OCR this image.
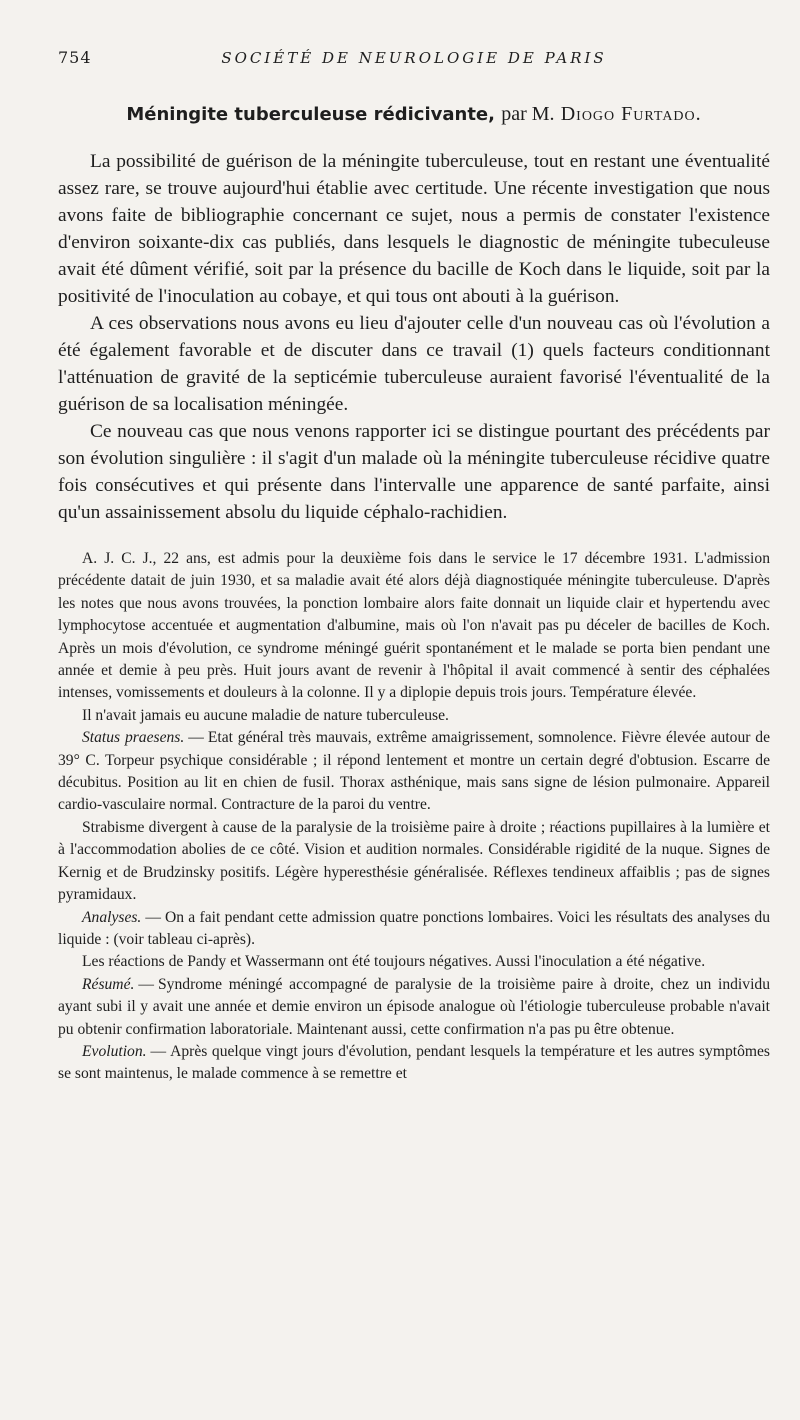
754	SOCIÉTÉ DE NEUROLOGIE DE PARIS
Méningite tuberculeuse rédicivante, par M. Diogo Furtado.

La possibilité de guérison de la méningite tuberculeuse, tout en restant une éventualité assez rare, se trouve aujourd'hui établie avec certitude. Une récente investigation que nous avons faite de bibliographie concernant ce sujet, nous a permis de constater l'existence d'environ soixante-dix cas publiés, dans lesquels le diagnostic de méningite tubeculeuse avait été dûment vérifié, soit par la présence du bacille de Koch dans le liquide, soit par la positivité de l'inoculation au cobaye, et qui tous ont abouti à la guérison.

A ces observations nous avons eu lieu d'ajouter celle d'un nouveau cas où l'évolution a été également favorable et de discuter dans ce travail (1) quels facteurs conditionnant l'atténuation de gravité de la septicémie tuberculeuse auraient favorisé l'éventualité de la guérison de sa localisation méningée.

Ce nouveau cas que nous venons rapporter ici se distingue pourtant des précédents par son évolution singulière : il s'agit d'un malade où la méningite tuberculeuse récidive quatre fois consécutives et qui présente dans l'intervalle une apparence de santé parfaite, ainsi qu'un assainissement absolu du liquide céphalo-rachidien.

A. J. C. J., 22 ans, est admis pour la deuxième fois dans le service le 17 décembre 1931. L'admission précédente datait de juin 1930, et sa maladie avait été alors déjà diagnostiquée méningite tuberculeuse. D'après les notes que nous avons trouvées, la ponction lombaire alors faite donnait un liquide clair et hypertendu avec lymphocytose accentuée et augmentation d'albumine, mais où l'on n'avait pas pu déceler de bacilles de Koch. Après un mois d'évolution, ce syndrome méningé guérit spontanément et le malade se porta bien pendant une année et demie à peu près. Huit jours avant de revenir à l'hôpital il avait commencé à sentir des céphalées intenses, vomissements et douleurs à la colonne. Il y a diplopie depuis trois jours. Température élevée.

Il n'avait jamais eu aucune maladie de nature tuberculeuse.

Status praesens. — Etat général très mauvais, extrême amaigrissement, somnolence. Fièvre élevée autour de 39° C. Torpeur psychique considérable ; il répond lentement et montre un certain degré d'obtusion. Escarre de décubitus. Position au lit en chien de fusil. Thorax asthénique, mais sans signe de lésion pulmonaire. Appareil cardio-vasculaire normal. Contracture de la paroi du ventre.

Strabisme divergent à cause de la paralysie de la troisième paire à droite ; réactions pupillaires à la lumière et à l'accommodation abolies de ce côté. Vision et audition normales. Considérable rigidité de la nuque. Signes de Kernig et de Brudzinsky positifs. Légère hyperesthésie généralisée. Réflexes tendineux affaiblis ; pas de signes pyramidaux.

Analyses. — On a fait pendant cette admission quatre ponctions lombaires. Voici les résultats des analyses du liquide : (voir tableau ci-après).

Les réactions de Pandy et Wassermann ont été toujours négatives. Aussi l'inoculation a été négative.

Résumé. — Syndrome méningé accompagné de paralysie de la troisième paire à droite, chez un individu ayant subi il y avait une année et demie environ un épisode analogue où l'étiologie tuberculeuse probable n'avait pu obtenir confirmation laboratoriale. Maintenant aussi, cette confirmation n'a pas pu être obtenue.

Evolution. — Après quelque vingt jours d'évolution, pendant lesquels la température et les autres symptômes se sont maintenus, le malade commence à se remettre et
